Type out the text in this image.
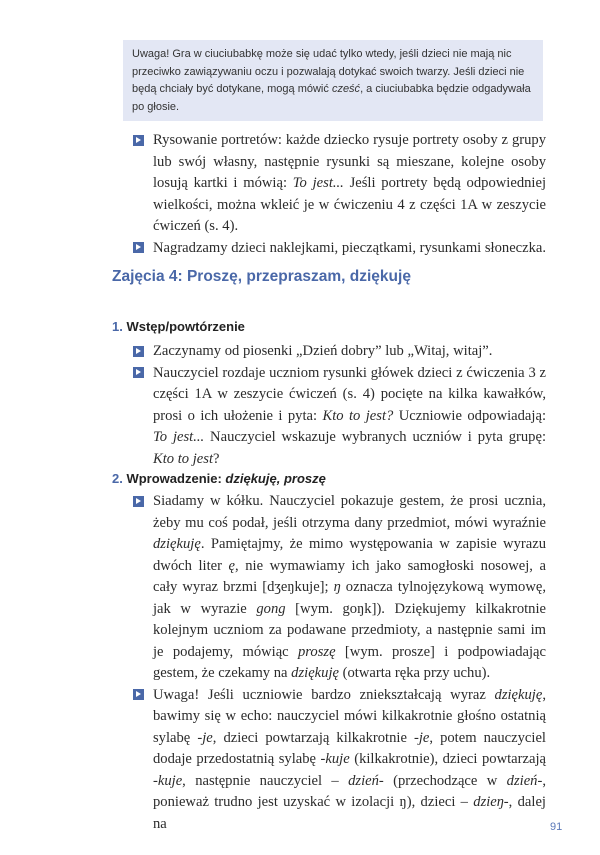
Uwaga! Gra w ciuciubabkę może się udać tylko wtedy, jeśli dzieci nie mają nic przeciwko zawiązywaniu oczu i pozwalają dotykać swoich twarzy. Jeśli dzieci nie będą chciały być dotykane, mogą mówić cześć, a ciuciubabka będzie odgadywała po głosie.
Rysowanie portretów: każde dziecko rysuje portrety osoby z grupy lub swój własny, następnie rysunki są mieszane, kolejne osoby losują kartki i mówią: To jest... Jeśli portrety będą odpowiedniej wielkości, można wkleić je w ćwiczeniu 4 z części 1A w zeszycie ćwiczeń (s. 4).
Nagradzamy dzieci naklejkami, pieczątkami, rysunkami słoneczka.
Zajęcia 4: Proszę, przepraszam, dziękuję
1. Wstęp/powtórzenie
Zaczynamy od piosenki „Dzień dobry” lub „Witaj, witaj”.
Nauczyciel rozdaje uczniom rysunki główek dzieci z ćwiczenia 3 z części 1A w zeszycie ćwiczeń (s. 4) pocięte na kilka kawałków, prosi o ich ułożenie i pyta: Kto to jest? Uczniowie odpowiadają: To jest... Nauczyciel wskazuje wybranych uczniów i pyta grupę: Kto to jest?
2. Wprowadzenie: dziękuję, proszę
Siadamy w kółku. Nauczyciel pokazuje gestem, że prosi ucznia, żeby mu coś podał, jeśli otrzyma dany przedmiot, mówi wyraźnie dziękuję. Pamiętajmy, że mimo występowania w zapisie wyrazu dwóch liter ę, nie wymawiamy ich jako samogłoski nosowej, a cały wyraz brzmi [dʒeŋkuje]; ŋ oznacza tylnojęzykową wymowę, jak w wyrazie gong [wym. goŋk]). Dziękujemy kilkakrotnie kolejnym uczniom za podawane przedmioty, a następnie sami im je podajemy, mówiąc proszę [wym. prosze] i podpowiadając gestem, że czekamy na dziękuję (otwarta ręka przy uchu).
Uwaga! Jeśli uczniowie bardzo zniekształcają wyraz dziękuję, bawimy się w echo: nauczyciel mówi kilkakrotnie głośno ostatnią sylabę -je, dzieci powtarzają kilkakrotnie -je, potem nauczyciel dodaje przedostatnią sylabę -kuje (kilkakrotnie), dzieci powtarzają -kuje, następnie nauczyciel – dzień- (przechodzące w dzień-, ponieważ trudno jest uzyskać w izolacji ŋ), dzieci – dzieŋ-, dalej na	91
